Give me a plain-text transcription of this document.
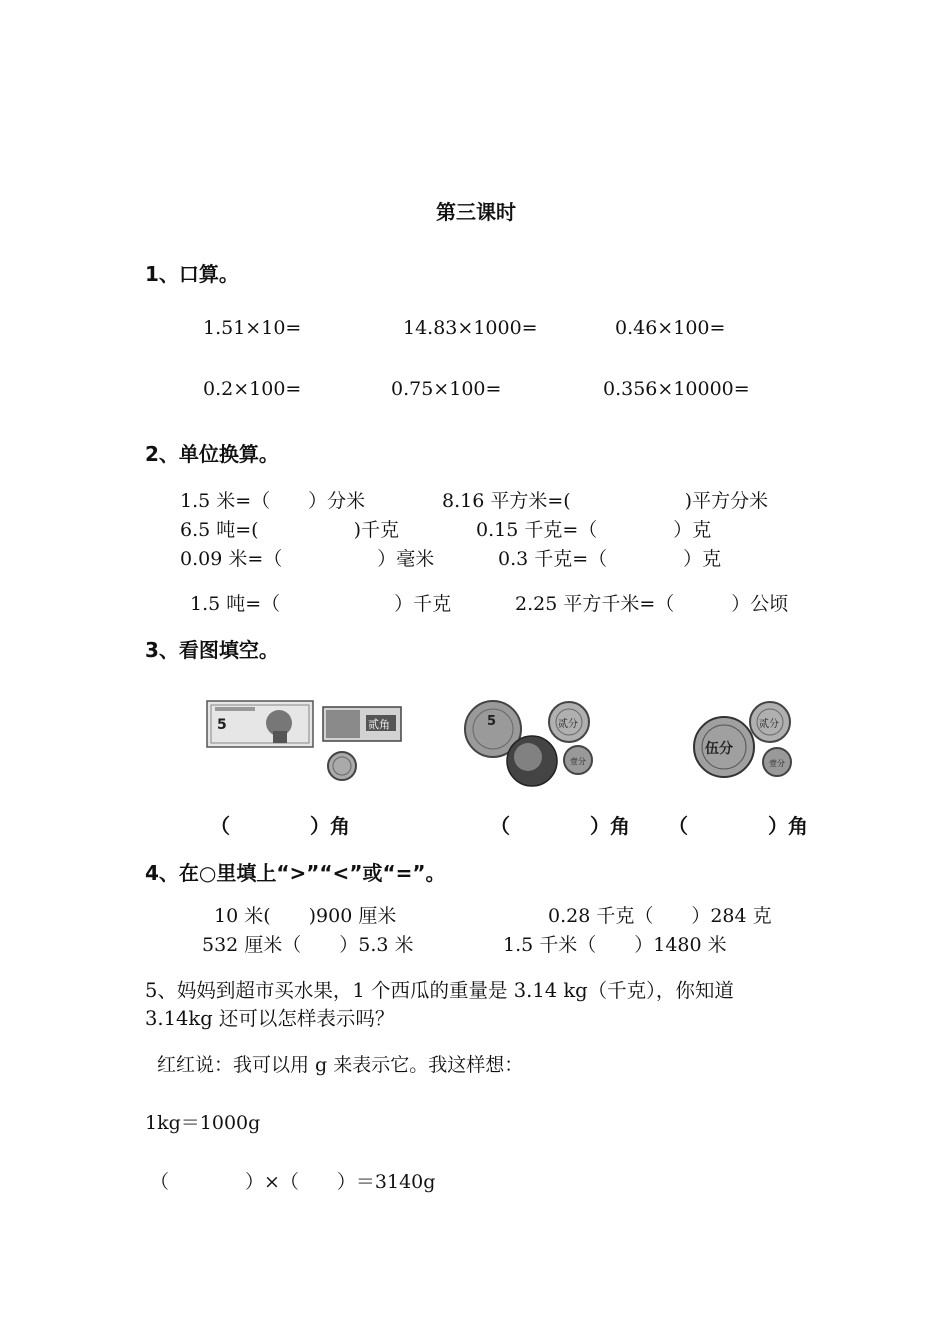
第三课时
1、口算。
1.51×10=	14.83×1000=	0.46×100=
0.2×100=	0.75×100=	0.356×10000=
2、单位换算。
1.5 米=（　　）分米	8.16 平方米=(　　　　　　)平方分米
6.5 吨=(　　　　　)千克	0.15 千克=（　　　　）克
0.09 米=（　　　　　）毫米	0.3 千克=（　　　　）克
1.5 吨=（　　　　　　）千克	2.25 平方千米=（　　　）公顷
3、看图填空。
5	贰角	5	贰分
壹分
伍分
贰分
壹分
（　　　　）角	（　　　　）角 （　　　　）角
4、在○里填上“>”“<”或“=”。
10 米(　　)900 厘米	0.28 千克（　　）284 克
532 厘米（　　）5.3 米	1.5 千米（　　）1480 米
5、妈妈到超市买水果，1 个西瓜的重量是 3.14 kg（千克），你知道
3.14kg 还可以怎样表示吗？
红红说：我可以用 g 来表示它。我这样想：
1kg＝1000g
（　　　　）×（　　）＝3140g
